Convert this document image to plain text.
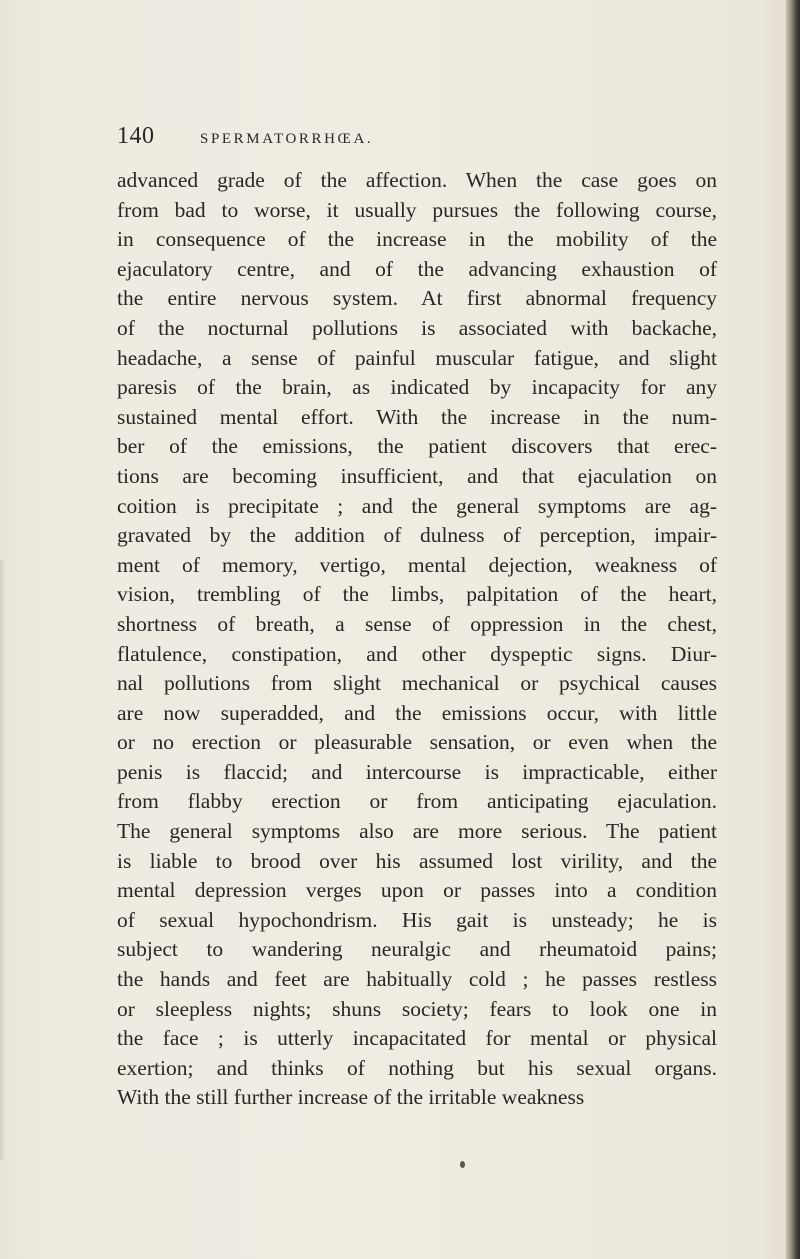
140	SPERMATORRHŒA.
advanced grade of the affection. When the case goes on
from bad to worse, it usually pursues the following course,
in consequence of the increase in the mobility of the
ejaculatory centre, and of the advancing exhaustion of
the entire nervous system. At first abnormal frequency
of the nocturnal pollutions is associated with backache,
headache, a sense of painful muscular fatigue, and slight
paresis of the brain, as indicated by incapacity for any
sustained mental effort. With the increase in the num-
ber of the emissions, the patient discovers that erec-
tions are becoming insufficient, and that ejaculation on
coition is precipitate ; and the general symptoms are ag-
gravated by the addition of dulness of perception, impair-
ment of memory, vertigo, mental dejection, weakness of
vision, trembling of the limbs, palpitation of the heart,
shortness of breath, a sense of oppression in the chest,
flatulence, constipation, and other dyspeptic signs. Diur-
nal pollutions from slight mechanical or psychical causes
are now superadded, and the emissions occur, with little
or no erection or pleasurable sensation, or even when the
penis is flaccid; and intercourse is impracticable, either
from flabby erection or from anticipating ejaculation.
The general symptoms also are more serious. The patient
is liable to brood over his assumed lost virility, and the
mental depression verges upon or passes into a condition
of sexual hypochondrism. His gait is unsteady; he is
subject to wandering neuralgic and rheumatoid pains;
the hands and feet are habitually cold ; he passes restless
or sleepless nights; shuns society; fears to look one in
the face ; is utterly incapacitated for mental or physical
exertion; and thinks of nothing but his sexual organs.
With the still further increase of the irritable weakness
